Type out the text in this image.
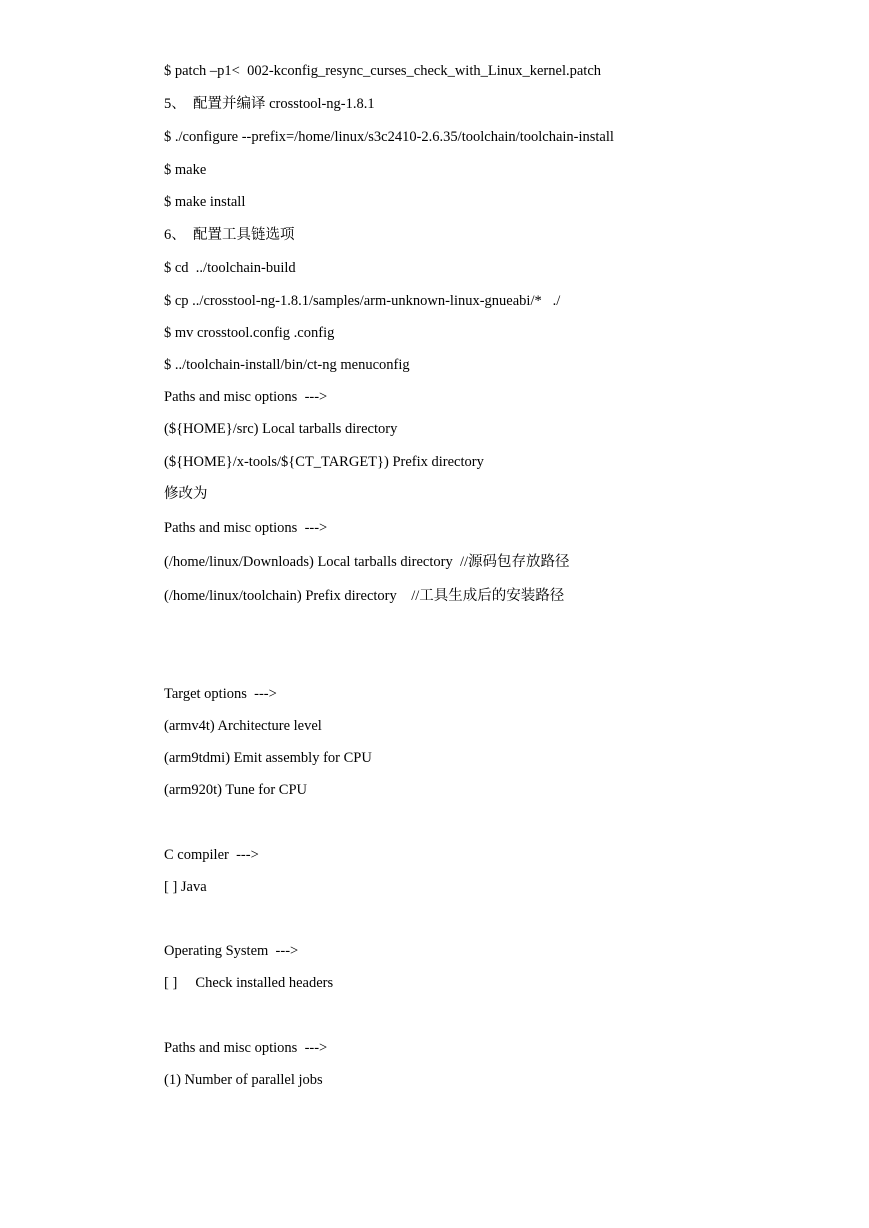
$ patch –p1<  002-kconfig_resync_curses_check_with_Linux_kernel.patch
5、  配置并编译 crosstool-ng-1.8.1
$ ./configure --prefix=/home/linux/s3c2410-2.6.35/toolchain/toolchain-install
$ make
$ make install
6、  配置工具链选项
$ cd  ../toolchain-build
$ cp ../crosstool-ng-1.8.1/samples/arm-unknown-linux-gnueabi/*   ./
$ mv crosstool.config .config
$ ../toolchain-install/bin/ct-ng menuconfig
Paths and misc options  --->
(${HOME}/src) Local tarballs directory
(${HOME}/x-tools/${CT_TARGET}) Prefix directory
修改为
Paths and misc options  --->
(/home/linux/Downloads) Local tarballs directory  //源码包存放路径
(/home/linux/toolchain) Prefix directory    //工具生成后的安装路径
Target options  --->
(armv4t) Architecture level
(arm9tdmi) Emit assembly for CPU
(arm920t) Tune for CPU
C compiler  --->
[ ] Java
Operating System  --->
[ ]     Check installed headers
Paths and misc options  --->
(1) Number of parallel jobs
